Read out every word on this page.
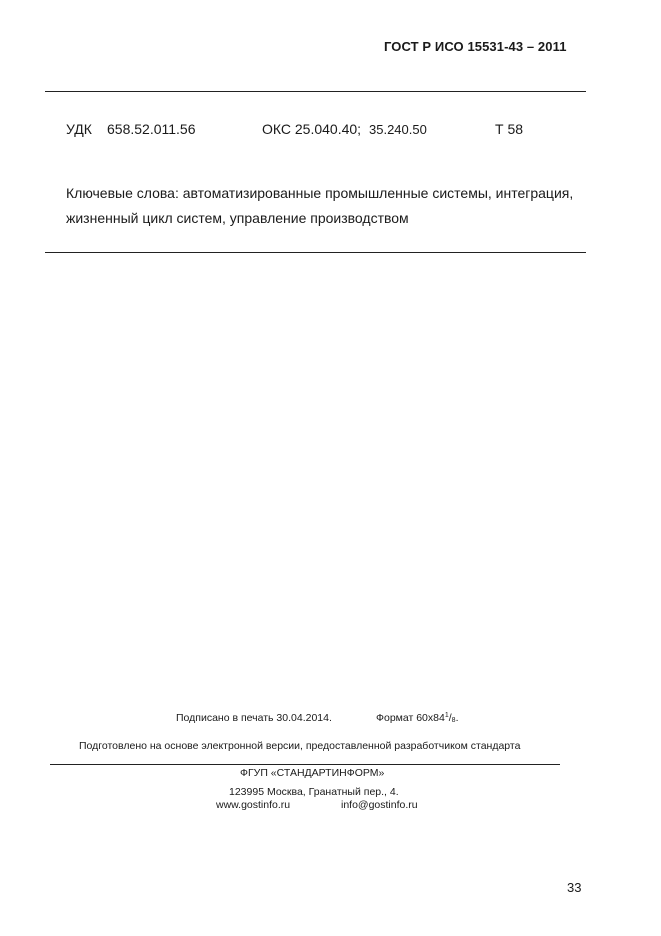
ГОСТ Р ИСО 15531-43 – 2011
УДК 658.52.011.56	ОКС 25.040.40; 35.240.50	Т 58
Ключевые слова: автоматизированные промышленные системы, интеграция, жизненный цикл систем, управление производством
Подписано в печать 30.04.2014.	Формат $60x84^1/_8$.
Подготовлено на основе электронной версии, предоставленной разработчиком стандарта
ФГУП «СТАНДАРТИНФОРМ»
123995 Москва, Гранатный пер., 4.
www.gostinfo.ru	info@gostinfo.ru
33
